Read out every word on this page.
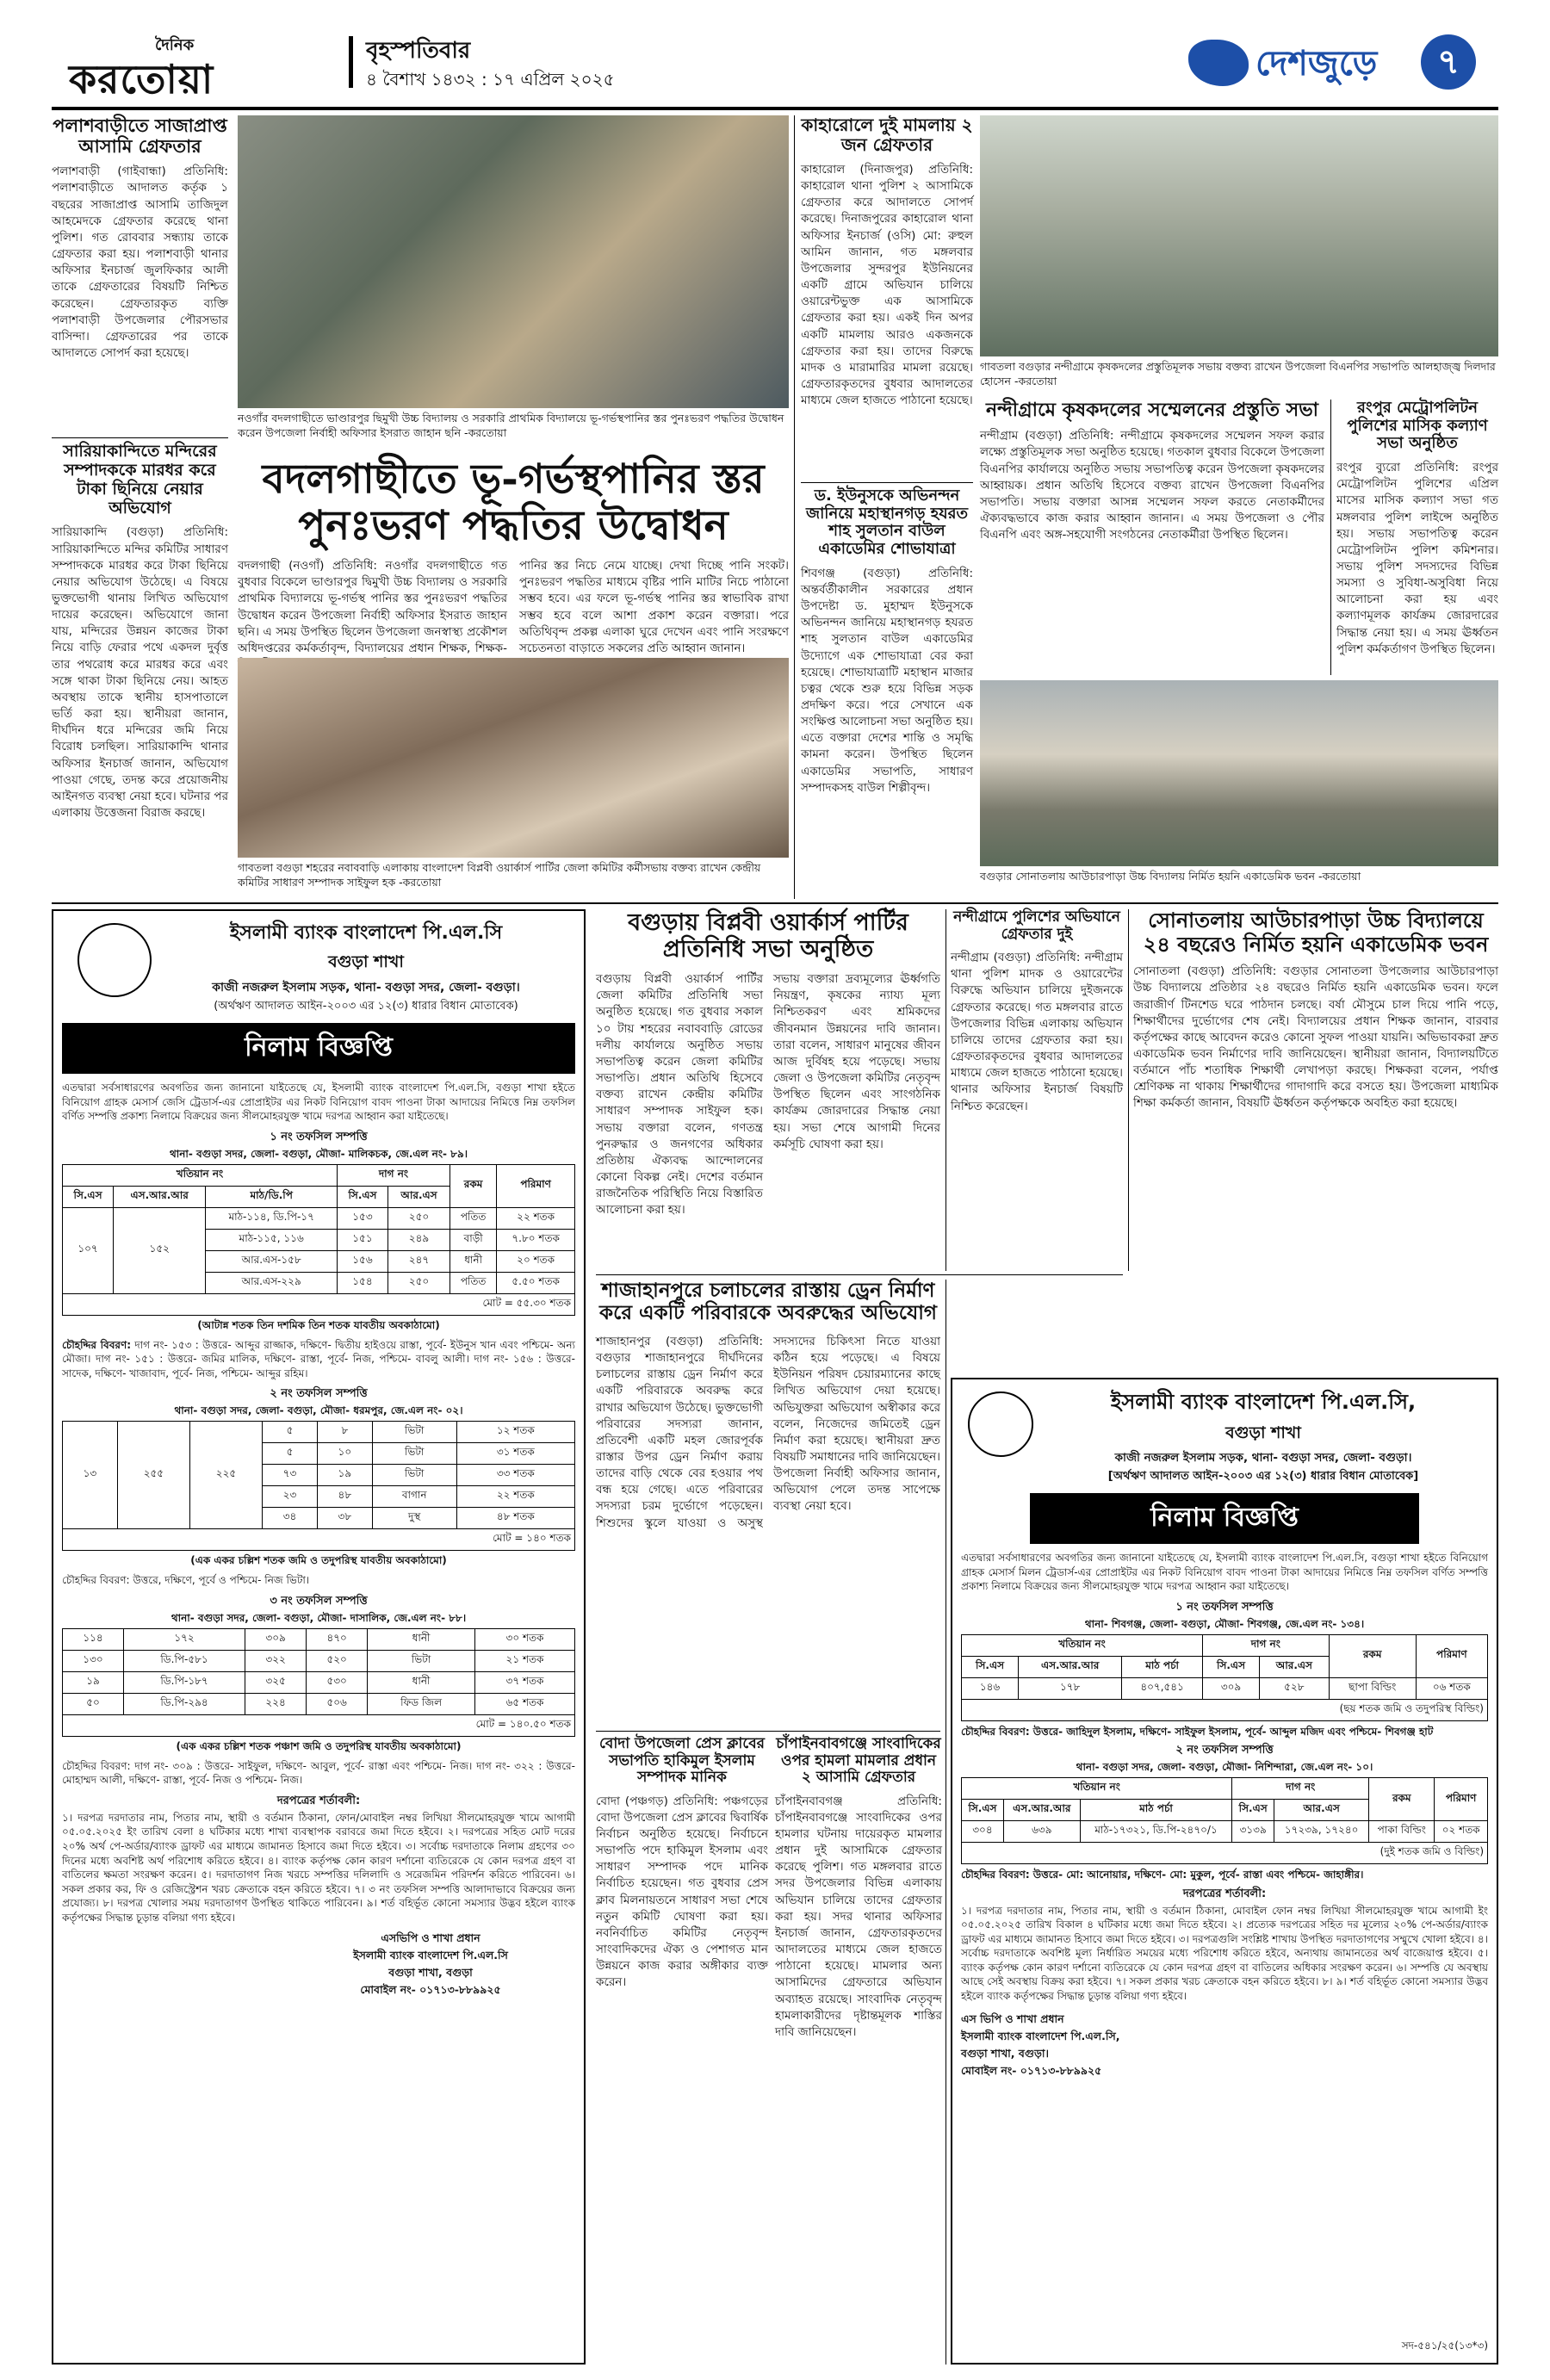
দৈনিক
করতোয়া
বৃহস্পতিবার
৪ বৈশাখ ১৪৩২ : ১৭ এপ্রিল ২০২৫	দেশজুড়ে	৭
পলাশবাড়ীতে সাজাপ্রাপ্ত আসামি গ্রেফতার
পলাশবাড়ী (গাইবান্ধা) প্রতিনিধি: পলাশবাড়ীতে আদালত কর্তৃক ১ বছরের সাজাপ্রাপ্ত আসামি তাজিদুল আহমেদকে গ্রেফতার করেছে থানা পুলিশ। গত রোববার সন্ধ্যায় তাকে গ্রেফতার করা হয়। পলাশবাড়ী থানার অফিসার ইনচার্জ জুলফিকার আলী তাকে গ্রেফতারের বিষয়টি নিশ্চিত করেছেন। গ্রেফতারকৃত ব্যক্তি পলাশবাড়ী উপজেলার পৌরসভার বাসিন্দা। গ্রেফতারের পর তাকে আদালতে সোপর্দ করা হয়েছে।
সারিয়াকান্দিতে মন্দিরের সম্পাদককে মারধর করে টাকা ছিনিয়ে নেয়ার অভিযোগ
সারিয়াকান্দি (বগুড়া) প্রতিনিধি: সারিয়াকান্দিতে মন্দির কমিটির সাধারণ সম্পাদককে মারধর করে টাকা ছিনিয়ে নেয়ার অভিযোগ উঠেছে। এ বিষয়ে ভুক্তভোগী থানায় লিখিত অভিযোগ দায়ের করেছেন। অভিযোগে জানা যায়, মন্দিরের উন্নয়ন কাজের টাকা নিয়ে বাড়ি ফেরার পথে একদল দুর্বৃত্ত তার পথরোধ করে মারধর করে এবং সঙ্গে থাকা টাকা ছিনিয়ে নেয়। আহত অবস্থায় তাকে স্থানীয় হাসপাতালে ভর্তি করা হয়। স্থানীয়রা জানান, দীর্ঘদিন ধরে মন্দিরের জমি নিয়ে বিরোধ চলছিল। সারিয়াকান্দি থানার অফিসার ইনচার্জ জানান, অভিযোগ পাওয়া গেছে, তদন্ত করে প্রয়োজনীয় আইনগত ব্যবস্থা নেয়া হবে। ঘটনার পর এলাকায় উত্তেজনা বিরাজ করছে।
নওগাঁর বদলগাছীতে ভাণ্ডারপুর ছিমুখী উচ্চ বিদ্যালয় ও সরকারি প্রাথমিক বিদ্যালয়ে ভূ-গর্ভস্থপানির স্তর পুনঃভরণ পদ্ধতির উদ্বোধন করেন উপজেলা নির্বাহী অফিসার ইসরাত জাহান ছনি -করতোয়া
বদলগাছীতে ভূ-গর্ভস্থপানির স্তর পুনঃভরণ পদ্ধতির উদ্বোধন
বদলগাছী (নওগাঁ) প্রতিনিধি: নওগাঁর বদলগাছীতে গত বুধবার বিকেলে ভাণ্ডারপুর দ্বিমুখী উচ্চ বিদ্যালয় ও সরকারি প্রাথমিক বিদ্যালয়ে ভূ-গর্ভস্থ পানির স্তর পুনঃভরণ পদ্ধতির উদ্বোধন করেন উপজেলা নির্বাহী অফিসার ইসরাত জাহান ছনি। এ সময় উপস্থিত ছিলেন উপজেলা জনস্বাস্থ্য প্রকৌশল অধিদপ্তরের কর্মকর্তাবৃন্দ, বিদ্যালয়ের প্রধান শিক্ষক, শিক্ষক-
পানির স্তর নিচে নেমে যাচ্ছে। দেখা দিচ্ছে পানি সংকট। পুনঃভরণ পদ্ধতির মাধ্যমে বৃষ্টির পানি মাটির নিচে পাঠানো সম্ভব হবে। এর ফলে ভূ-গর্ভস্থ পানির স্তর স্বাভাবিক রাখা সম্ভব হবে বলে আশা প্রকাশ করেন বক্তারা। পরে অতিথিবৃন্দ প্রকল্প এলাকা ঘুরে দেখেন এবং পানি সংরক্ষণে সচেতনতা বাড়াতে সকলের প্রতি আহ্বান জানান।
গাবতলা বগুড়া শহরের নবাববাড়ি এলাকায় বাংলাদেশ বিপ্লবী ওয়ার্কার্স পার্টির জেলা কমিটির কর্মীসভায় বক্তব্য রাখেন কেন্দ্রীয় কমিটির সাধারণ সম্পাদক সাইফুল হক -করতোয়া
কাহারোলে দুই মামলায় ২ জন গ্রেফতার
কাহারোল (দিনাজপুর) প্রতিনিধি: কাহারোল থানা পুলিশ ২ আসামিকে গ্রেফতার করে আদালতে সোপর্দ করেছে। দিনাজপুরের কাহারোল থানা অফিসার ইনচার্জ (ওসি) মো: রুহুল আমিন জানান, গত মঙ্গলবার উপজেলার সুন্দরপুর ইউনিয়নের একটি গ্রামে অভিযান চালিয়ে ওয়ারেন্টভুক্ত এক আসামিকে গ্রেফতার করা হয়। একই দিন অপর একটি মামলায় আরও একজনকে গ্রেফতার করা হয়। তাদের বিরুদ্ধে মাদক ও মারামারির মামলা রয়েছে। গ্রেফতারকৃতদের বুধবার আদালতের মাধ্যমে জেল হাজতে পাঠানো হয়েছে।
ড. ইউনুসকে অভিনন্দন জানিয়ে মহাস্থানগড় হযরত শাহ সুলতান বাউল একাডেমির শোভাযাত্রা
শিবগঞ্জ (বগুড়া) প্রতিনিধি: অন্তর্বর্তীকালীন সরকারের প্রধান উপদেষ্টা ড. মুহাম্মদ ইউনুসকে অভিনন্দন জানিয়ে মহাস্থানগড় হযরত শাহ সুলতান বাউল একাডেমির উদ্যোগে এক শোভাযাত্রা বের করা হয়েছে। শোভাযাত্রাটি মহাস্থান মাজার চত্বর থেকে শুরু হয়ে বিভিন্ন সড়ক প্রদক্ষিণ করে। পরে সেখানে এক সংক্ষিপ্ত আলোচনা সভা অনুষ্ঠিত হয়। এতে বক্তারা দেশের শান্তি ও সমৃদ্ধি কামনা করেন। উপস্থিত ছিলেন একাডেমির সভাপতি, সাধারণ সম্পাদকসহ বাউল শিল্পীবৃন্দ।
গাবতলা বগুড়ার নন্দীগ্রামে কৃষকদলের প্রস্তুতিমূলক সভায় বক্তব্য রাখেন উপজেলা বিএনপির সভাপতি আলহাজ্জ্ব দিলদার হোসেন -করতোয়া
নন্দীগ্রামে কৃষকদলের সম্মেলনের প্রস্তুতি সভা
নন্দীগ্রাম (বগুড়া) প্রতিনিধি: নন্দীগ্রামে কৃষকদলের সম্মেলন সফল করার লক্ষ্যে প্রস্তুতিমূলক সভা অনুষ্ঠিত হয়েছে। গতকাল বুধবার বিকেলে উপজেলা বিএনপির কার্যালয়ে অনুষ্ঠিত সভায় সভাপতিত্ব করেন উপজেলা কৃষকদলের আহ্বায়ক। প্রধান অতিথি হিসেবে বক্তব্য রাখেন উপজেলা বিএনপির সভাপতি। সভায় বক্তারা আসন্ন সম্মেলন সফল করতে নেতাকর্মীদের ঐক্যবদ্ধভাবে কাজ করার আহ্বান জানান। এ সময় উপজেলা ও পৌর বিএনপি এবং অঙ্গ-সহযোগী সংগঠনের নেতাকর্মীরা উপস্থিত ছিলেন।
রংপুর মেট্রোপলিটন পুলিশের মাসিক কল্যাণ সভা অনুষ্ঠিত
রংপুর ব্যুরো প্রতিনিধি: রংপুর মেট্রোপলিটন পুলিশের এপ্রিল মাসের মাসিক কল্যাণ সভা গত মঙ্গলবার পুলিশ লাইন্সে অনুষ্ঠিত হয়। সভায় সভাপতিত্ব করেন মেট্রোপলিটন পুলিশ কমিশনার। সভায় পুলিশ সদস্যদের বিভিন্ন সমস্যা ও সুবিধা-অসুবিধা নিয়ে আলোচনা করা হয় এবং কল্যাণমূলক কার্যক্রম জোরদারের সিদ্ধান্ত নেয়া হয়। এ সময় ঊর্ধ্বতন পুলিশ কর্মকর্তাগণ উপস্থিত ছিলেন।
বগুড়ার সোনাতলায় আউচারপাড়া উচ্চ বিদ্যালয় নির্মিত হয়নি একাডেমিক ভবন -করতোয়া
ইসলামী ব্যাংক বাংলাদেশ পি.এল.সি
বগুড়া শাখা
কাজী নজরুল ইসলাম সড়ক, থানা- বগুড়া সদর, জেলা- বগুড়া।
(অর্থঋণ আদালত আইন-২০০৩ এর ১২(৩) ধারার বিধান মোতাবেক)
নিলাম বিজ্ঞপ্তি
এতদ্বারা সর্বসাধারণের অবগতির জন্য জানানো যাইতেছে যে, ইসলামী ব্যাংক বাংলাদেশ পি.এল.সি, বগুড়া শাখা হইতে বিনিয়োগ গ্রাহক মেসার্স জেসি ট্রেডার্স-এর প্রোপ্রাইটর এর নিকট বিনিয়োগ বাবদ পাওনা টাকা আদায়ের নিমিত্তে নিম্ন তফসিল বর্ণিত সম্পত্তি প্রকাশ্য নিলামে বিক্রয়ের জন্য সীলমোহরযুক্ত খামে দরপত্র আহ্বান করা যাইতেছে।
১ নং তফসিল সম্পত্তি
থানা- বগুড়া সদর, জেলা- বগুড়া, মৌজা- মালিকচক, জে.এল নং- ৮৯।
খতিয়ান নং			দাগ নং		রকম	পরিমাণ
সি.এস	এস.আর.আর	মাঠ/ডি.পি	সি.এস	আর.এস		
১০৭	১৫২	মাঠ-১১৪, ডি.পি-১৭	১৫৩	২৫০	পতিত	২২ শতক
		মাঠ-১১৫, ১১৬	১৫১	২৪৯	বাড়ী	৭.৮০ শতক
		আর.এস-১৫৮	১৫৬	২৪৭	ধানী	২০ শতক
		আর.এস-২২৯	১৫৪	২৫০	পতিত	৫.৫০ শতক
মোট = ৫৫.৩০ শতক						
(আটান্ন শতক তিন দশমিক তিন শতক যাবতীয় অবকাঠামো)
চৌহদ্দির বিবরণ: দাগ নং- ১৫৩ : উত্তরে- আব্দুর রাজ্জাক, দক্ষিণে- দ্বিতীয় হাইওয়ে রাস্তা, পূর্বে- ইউনুস খান এবং পশ্চিমে- অন্য মৌজা। দাগ নং- ১৫১ : উত্তরে- জমির মালিক, দক্ষিণে- রাস্তা, পূর্বে- নিজ, পশ্চিমে- বাবলু আলী। দাগ নং- ১৫৬ : উত্তরে- সাদেক, দক্ষিণে- খাজাবাদ, পূর্বে- নিজ, পশ্চিমে- আব্দুর রহিম।
২ নং তফসিল সম্পত্তি
থানা- বগুড়া সদর, জেলা- বগুড়া, মৌজা- ধরমপুর, জে.এল নং- ০২।
১৩	২৫৫	২২৫	৫	৮	ভিটা	১২ শতক
			৫	১০	ভিটা	৩১ শতক
			৭৩	১৯	ভিটা	৩৩ শতক
			২৩	৪৮	বাগান	২২ শতক
			৩৪	৩৮	দুস্থ	৪৮ শতক
মোট = ১৪০ শতক						
(এক একর চল্লিশ শতক জমি ও তদুপরিস্থ যাবতীয় অবকাঠামো)
চৌহদ্দির বিবরণ: উত্তরে, দক্ষিণে, পূর্বে ও পশ্চিমে- নিজ ভিটা।
৩ নং তফসিল সম্পত্তি
থানা- বগুড়া সদর, জেলা- বগুড়া, মৌজা- দাসালিক, জে.এল নং- ৮৮।
১১৪	১৭২	৩০৯	৪৭০	ধানী	৩০ শতক
১৩০	ডি.পি-৫৮১	৩২২	৫২০	ভিটা	২১ শতক
১৯	ডি.পি-১৮৭	৩২৫	৫৩০	ধানী	৩৭ শতক
৫০	ডি.পি-২৯৪	২২৪	৫০৬	ফিড জিল	৬৫ শতক
মোট = ১৪০.৫০ শতক					
(এক একর চল্লিশ শতক পঞ্চাশ জমি ও তদুপরিস্থ যাবতীয় অবকাঠামো)
চৌহদ্দির বিবরণ: দাগ নং- ৩০৯ : উত্তরে- সাইফুল, দক্ষিণে- আবুল, পূর্বে- রাস্তা এবং পশ্চিমে- নিজ। দাগ নং- ৩২২ : উত্তরে- মোহাম্মদ আলী, দক্ষিণে- রাস্তা, পূর্বে- নিজ ও পশ্চিমে- নিজ।
দরপত্রের শর্তাবলী:
১। দরপত্র দরদাতার নাম, পিতার নাম, স্থায়ী ও বর্তমান ঠিকানা, ফোন/মোবাইল নম্বর লিখিয়া সীলমোহরযুক্ত খামে আগামী ০৫.০৫.২০২৫ ইং তারিখ বেলা ৪ ঘটিকার মধ্যে শাখা ব্যবস্থাপক বরাবরে জমা দিতে হইবে। ২। দরপত্রের সহিত মোট দরের ২০% অর্থ পে-অর্ডার/ব্যাংক ড্রাফট এর মাধ্যমে জামানত হিসাবে জমা দিতে হইবে। ৩। সর্বোচ্চ দরদাতাকে নিলাম গ্রহণের ৩০ দিনের মধ্যে অবশিষ্ট অর্থ পরিশোধ করিতে হইবে। ৪। ব্যাংক কর্তৃপক্ষ কোন কারণ দর্শানো ব্যতিরেকে যে কোন দরপত্র গ্রহণ বা বাতিলের ক্ষমতা সংরক্ষণ করেন। ৫। দরদাতাগণ নিজ খরচে সম্পত্তির দলিলাদি ও সরেজমিন পরিদর্শন করিতে পারিবেন। ৬। সকল প্রকার কর, ফি ও রেজিস্ট্রেশন খরচ ক্রেতাকে বহন করিতে হইবে। ৭। ৩ নং তফসিল সম্পত্তি আলাদাভাবে বিক্রয়ের জন্য প্রযোজ্য। ৮। দরপত্র খোলার সময় দরদাতাগণ উপস্থিত থাকিতে পারিবেন। ৯। শর্ত বহির্ভূত কোনো সমস্যার উদ্ভব হইলে ব্যাংক কর্তৃপক্ষের সিদ্ধান্ত চূড়ান্ত বলিয়া গণ্য হইবে।
এসভিপি ও শাখা প্রধান
ইসলামী ব্যাংক বাংলাদেশ পি.এল.সি
বগুড়া শাখা, বগুড়া
মোবাইল নং- ০১৭১৩-৮৮৯৯২৫
বগুড়ায় বিপ্লবী ওয়ার্কার্স পার্টির প্রতিনিধি সভা অনুষ্ঠিত
বগুড়ায় বিপ্লবী ওয়ার্কার্স পার্টির জেলা কমিটির প্রতিনিধি সভা অনুষ্ঠিত হয়েছে। গত বুধবার সকাল ১০ টায় শহরের নবাববাড়ি রোডের দলীয় কার্যালয়ে অনুষ্ঠিত সভায় সভাপতিত্ব করেন জেলা কমিটির সভাপতি। প্রধান অতিথি হিসেবে বক্তব্য রাখেন কেন্দ্রীয় কমিটির সাধারণ সম্পাদক সাইফুল হক। সভায় বক্তারা বলেন, গণতন্ত্র পুনরুদ্ধার ও জনগণের অধিকার প্রতিষ্ঠায় ঐক্যবদ্ধ আন্দোলনের কোনো বিকল্প নেই। দেশের বর্তমান রাজনৈতিক পরিস্থিতি নিয়ে বিস্তারিত আলোচনা করা হয়।
সভায় বক্তারা দ্রব্যমূল্যের ঊর্ধ্বগতি নিয়ন্ত্রণ, কৃষকের ন্যায্য মূল্য নিশ্চিতকরণ এবং শ্রমিকদের জীবনমান উন্নয়নের দাবি জানান। তারা বলেন, সাধারণ মানুষের জীবন আজ দুর্বিষহ হয়ে পড়েছে। সভায় জেলা ও উপজেলা কমিটির নেতৃবৃন্দ উপস্থিত ছিলেন এবং সাংগঠনিক কার্যক্রম জোরদারের সিদ্ধান্ত নেয়া হয়। সভা শেষে আগামী দিনের কর্মসূচি ঘোষণা করা হয়।
নন্দীগ্রামে পুলিশের অভিযানে গ্রেফতার দুই
নন্দীগ্রাম (বগুড়া) প্রতিনিধি: নন্দীগ্রাম থানা পুলিশ মাদক ও ওয়ারেন্টের বিরুদ্ধে অভিযান চালিয়ে দুইজনকে গ্রেফতার করেছে। গত মঙ্গলবার রাতে উপজেলার বিভিন্ন এলাকায় অভিযান চালিয়ে তাদের গ্রেফতার করা হয়। গ্রেফতারকৃতদের বুধবার আদালতের মাধ্যমে জেল হাজতে পাঠানো হয়েছে। থানার অফিসার ইনচার্জ বিষয়টি নিশ্চিত করেছেন।
সোনাতলায় আউচারপাড়া উচ্চ বিদ্যালয়ে ২৪ বছরেও নির্মিত হয়নি একাডেমিক ভবন
সোনাতলা (বগুড়া) প্রতিনিধি: বগুড়ার সোনাতলা উপজেলার আউচারপাড়া উচ্চ বিদ্যালয়ে প্রতিষ্ঠার ২৪ বছরেও নির্মিত হয়নি একাডেমিক ভবন। ফলে জরাজীর্ণ টিনশেড ঘরে পাঠদান চলছে। বর্ষা মৌসুমে চাল দিয়ে পানি পড়ে, শিক্ষার্থীদের দুর্ভোগের শেষ নেই। বিদ্যালয়ের প্রধান শিক্ষক জানান, বারবার কর্তৃপক্ষের কাছে আবেদন করেও কোনো সুফল পাওয়া যায়নি। অভিভাবকরা দ্রুত একাডেমিক ভবন নির্মাণের দাবি জানিয়েছেন। স্থানীয়রা জানান, বিদ্যালয়টিতে বর্তমানে পাঁচ শতাধিক শিক্ষার্থী লেখাপড়া করছে। শিক্ষকরা বলেন, পর্যাপ্ত শ্রেণিকক্ষ না থাকায় শিক্ষার্থীদের গাদাগাদি করে বসতে হয়। উপজেলা মাধ্যমিক শিক্ষা কর্মকর্তা জানান, বিষয়টি ঊর্ধ্বতন কর্তৃপক্ষকে অবহিত করা হয়েছে।
শাজাহানপুরে চলাচলের রাস্তায় ড্রেন নির্মাণ করে একটি পরিবারকে অবরুদ্ধের অভিযোগ
শাজাহানপুর (বগুড়া) প্রতিনিধি: বগুড়ার শাজাহানপুরে দীর্ঘদিনের চলাচলের রাস্তায় ড্রেন নির্মাণ করে একটি পরিবারকে অবরুদ্ধ করে রাখার অভিযোগ উঠেছে। ভুক্তভোগী পরিবারের সদস্যরা জানান, প্রতিবেশী একটি মহল জোরপূর্বক রাস্তার উপর ড্রেন নির্মাণ করায় তাদের বাড়ি থেকে বের হওয়ার পথ বন্ধ হয়ে গেছে। এতে পরিবারের সদস্যরা চরম দুর্ভোগে পড়েছেন। শিশুদের স্কুলে যাওয়া ও অসুস্থ সদস্যদের চিকিৎসা নিতে যাওয়া কঠিন হয়ে পড়েছে। এ বিষয়ে ইউনিয়ন পরিষদ চেয়ারম্যানের কাছে লিখিত অভিযোগ দেয়া হয়েছে। অভিযুক্তরা অভিযোগ অস্বীকার করে বলেন, নিজেদের জমিতেই ড্রেন নির্মাণ করা হয়েছে। স্থানীয়রা দ্রুত বিষয়টি সমাধানের দাবি জানিয়েছেন। উপজেলা নির্বাহী অফিসার জানান, অভিযোগ পেলে তদন্ত সাপেক্ষে ব্যবস্থা নেয়া হবে।
বোদা উপজেলা প্রেস ক্লাবের সভাপতি হাকিমুল ইসলাম সম্পাদক মানিক
বোদা (পঞ্চগড়) প্রতিনিধি: পঞ্চগড়ের বোদা উপজেলা প্রেস ক্লাবের দ্বিবার্ষিক নির্বাচন অনুষ্ঠিত হয়েছে। নির্বাচনে সভাপতি পদে হাকিমুল ইসলাম এবং সাধারণ সম্পাদক পদে মানিক নির্বাচিত হয়েছেন। গত বুধবার প্রেস ক্লাব মিলনায়তনে সাধারণ সভা শেষে নতুন কমিটি ঘোষণা করা হয়। নবনির্বাচিত কমিটির নেতৃবৃন্দ সাংবাদিকদের ঐক্য ও পেশাগত মান উন্নয়নে কাজ করার অঙ্গীকার ব্যক্ত করেন।
চাঁপাইনবাবগঞ্জে সাংবাদিকের ওপর হামলা মামলার প্রধান ২ আসামি গ্রেফতার
চাঁপাইনবাবগঞ্জ প্রতিনিধি: চাঁপাইনবাবগঞ্জে সাংবাদিকের ওপর হামলার ঘটনায় দায়েরকৃত মামলার প্রধান দুই আসামিকে গ্রেফতার করেছে পুলিশ। গত মঙ্গলবার রাতে সদর উপজেলার বিভিন্ন এলাকায় অভিযান চালিয়ে তাদের গ্রেফতার করা হয়। সদর থানার অফিসার ইনচার্জ জানান, গ্রেফতারকৃতদের আদালতের মাধ্যমে জেল হাজতে পাঠানো হয়েছে। মামলার অন্য আসামিদের গ্রেফতারে অভিযান অব্যাহত রয়েছে। সাংবাদিক নেতৃবৃন্দ হামলাকারীদের দৃষ্টান্তমূলক শাস্তির দাবি জানিয়েছেন।
ইসলামী ব্যাংক বাংলাদেশ পি.এল.সি,
বগুড়া শাখা
কাজী নজরুল ইসলাম সড়ক, থানা- বগুড়া সদর, জেলা- বগুড়া।
[অর্থঋণ আদালত আইন-২০০৩ এর ১২(৩) ধারার বিধান মোতাবেক]
নিলাম বিজ্ঞপ্তি
এতদ্বারা সর্বসাধারণের অবগতির জন্য জানানো যাইতেছে যে, ইসলামী ব্যাংক বাংলাদেশ পি.এল.সি, বগুড়া শাখা হইতে বিনিয়োগ গ্রাহক মেসার্স মিলন ট্রেডার্স-এর প্রোপ্রাইটর এর নিকট বিনিয়োগ বাবদ পাওনা টাকা আদায়ের নিমিত্তে নিম্ন তফসিল বর্ণিত সম্পত্তি প্রকাশ্য নিলামে বিক্রয়ের জন্য সীলমোহরযুক্ত খামে দরপত্র আহ্বান করা যাইতেছে।
১ নং তফসিল সম্পত্তি
থানা- শিবগঞ্জ, জেলা- বগুড়া, মৌজা- শিবগঞ্জ, জে.এল নং- ১৩৪।
খতিয়ান নং			দাগ নং		রকম	পরিমাণ
সি.এস	এস.আর.আর	মাঠ পর্চা	সি.এস	আর.এস		
১৪৬	১৭৮	৪০৭,৫৪১	৩০৯	৫২৮	ছাপা বিল্ডিং	০৬ শতক
(ছয় শতক জমি ও তদুপরিস্থ বিল্ডিং)						
চৌহদ্দির বিবরণ: উত্তরে- জাহিদুল ইসলাম, দক্ষিণে- সাইফুল ইসলাম, পূর্বে- আব্দুল মজিদ এবং পশ্চিমে- শিবগঞ্জ হাট
২ নং তফসিল সম্পত্তি
থানা- বগুড়া সদর, জেলা- বগুড়া, মৌজা- নিশিন্দারা, জে.এল নং- ১০।
খতিয়ান নং			দাগ নং		রকম	পরিমাণ
সি.এস	এস.আর.আর	মাঠ পর্চা	সি.এস	আর.এস		
৩০৪	৬৩৯	মাঠ-১৭৩২১, ডি.পি-২৪৭০/১	৩১৩৯	১৭২৩৯, ১৭২৪০	পাকা বিল্ডিং	০২ শতক
(দুই শতক জমি ও বিল্ডিং)						
চৌহদ্দির বিবরণ: উত্তরে- মো: আনোয়ার, দক্ষিণে- মো: মুকুল, পূর্বে- রাস্তা এবং পশ্চিমে- জাহাঙ্গীর।
দরপত্রের শর্তাবলী:
১। দরপত্র দরদাতার নাম, পিতার নাম, স্থায়ী ও বর্তমান ঠিকানা, মোবাইল ফোন নম্বর লিখিয়া সীলমোহরযুক্ত খামে আগামী ইং ০৫.০৫.২০২৫ তারিখ বিকাল ৪ ঘটিকার মধ্যে জমা দিতে হইবে। ২। প্রত্যেক দরপত্রের সহিত দর মূল্যের ২০% পে-অর্ডার/ব্যাংক ড্রাফট এর মাধ্যমে জামানত হিসাবে জমা দিতে হইবে। ৩। দরপত্রগুলি সংশ্লিষ্ট শাখায় উপস্থিত দরদাতাগণের সম্মুখে খোলা হইবে। ৪। সর্বোচ্চ দরদাতাকে অবশিষ্ট মূল্য নির্ধারিত সময়ের মধ্যে পরিশোধ করিতে হইবে, অন্যথায় জামানতের অর্থ বাজেয়াপ্ত হইবে। ৫। ব্যাংক কর্তৃপক্ষ কোন কারণ দর্শানো ব্যতিরেকে যে কোন দরপত্র গ্রহণ বা বাতিলের অধিকার সংরক্ষণ করেন। ৬। সম্পত্তি যে অবস্থায় আছে সেই অবস্থায় বিক্রয় করা হইবে। ৭। সকল প্রকার খরচ ক্রেতাকে বহন করিতে হইবে। ৮। ৯। শর্ত বহির্ভূত কোনো সমস্যার উদ্ভব হইলে ব্যাংক কর্তৃপক্ষের সিদ্ধান্ত চূড়ান্ত বলিয়া গণ্য হইবে।
এস ভিপি ও শাখা প্রধান
ইসলামী ব্যাংক বাংলাদেশ পি.এল.সি,
বগুড়া শাখা, বগুড়া।
মোবাইল নং- ০১৭১৩-৮৮৯৯২৫
সদ-৫৪১/২৫(১৩*৩)
